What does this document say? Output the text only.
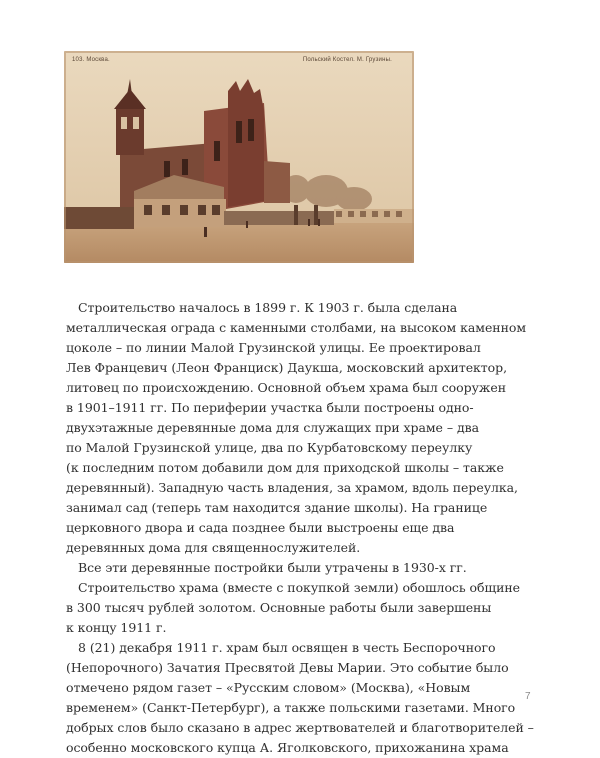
103. Москва.	Польский Костел. М. Грузины.

Строительство началось в 1899 г. К 1903 г. была сделана
металлическая ограда с каменными столбами, на высоком каменном
цоколе – по линии Малой Грузинской улицы. Ее проектировал
Лев Францевич (Леон Франциск) Даукша, московский архитектор,
литовец по происхождению. Основной объем храма был сооружен
в 1901–1911 гг. По периферии участка были построены одно-
двухэтажные деревянные дома для служащих при храме – два
по Малой Грузинской улице, два по Курбатовскому переулку
(к последним потом добавили дом для приходской школы – также
деревянный). Западную часть владения, за храмом, вдоль переулка,
занимал сад (теперь там находится здание школы). На границе
церковного двора и сада позднее были выстроены еще два
деревянных дома для священнослужителей.

Все эти деревянные постройки были утрачены в 1930-х гг.

Строительство храма (вместе с покупкой земли) обошлось общине
в 300 тысяч рублей золотом. Основные работы были завершены
к концу 1911 г.

8 (21) декабря 1911 г. храм был освящен в честь Беспорочного
(Непорочного) Зачатия Пресвятой Девы Марии. Это событие было
отмечено рядом газет – «Русским словом» (Москва), «Новым
временем» (Санкт-Петербург), а также польскими газетами. Много
добрых слов было сказано в адрес жертвователей и благотворителей –
особенно московского купца А. Яголковского, прихожанина храма

7
